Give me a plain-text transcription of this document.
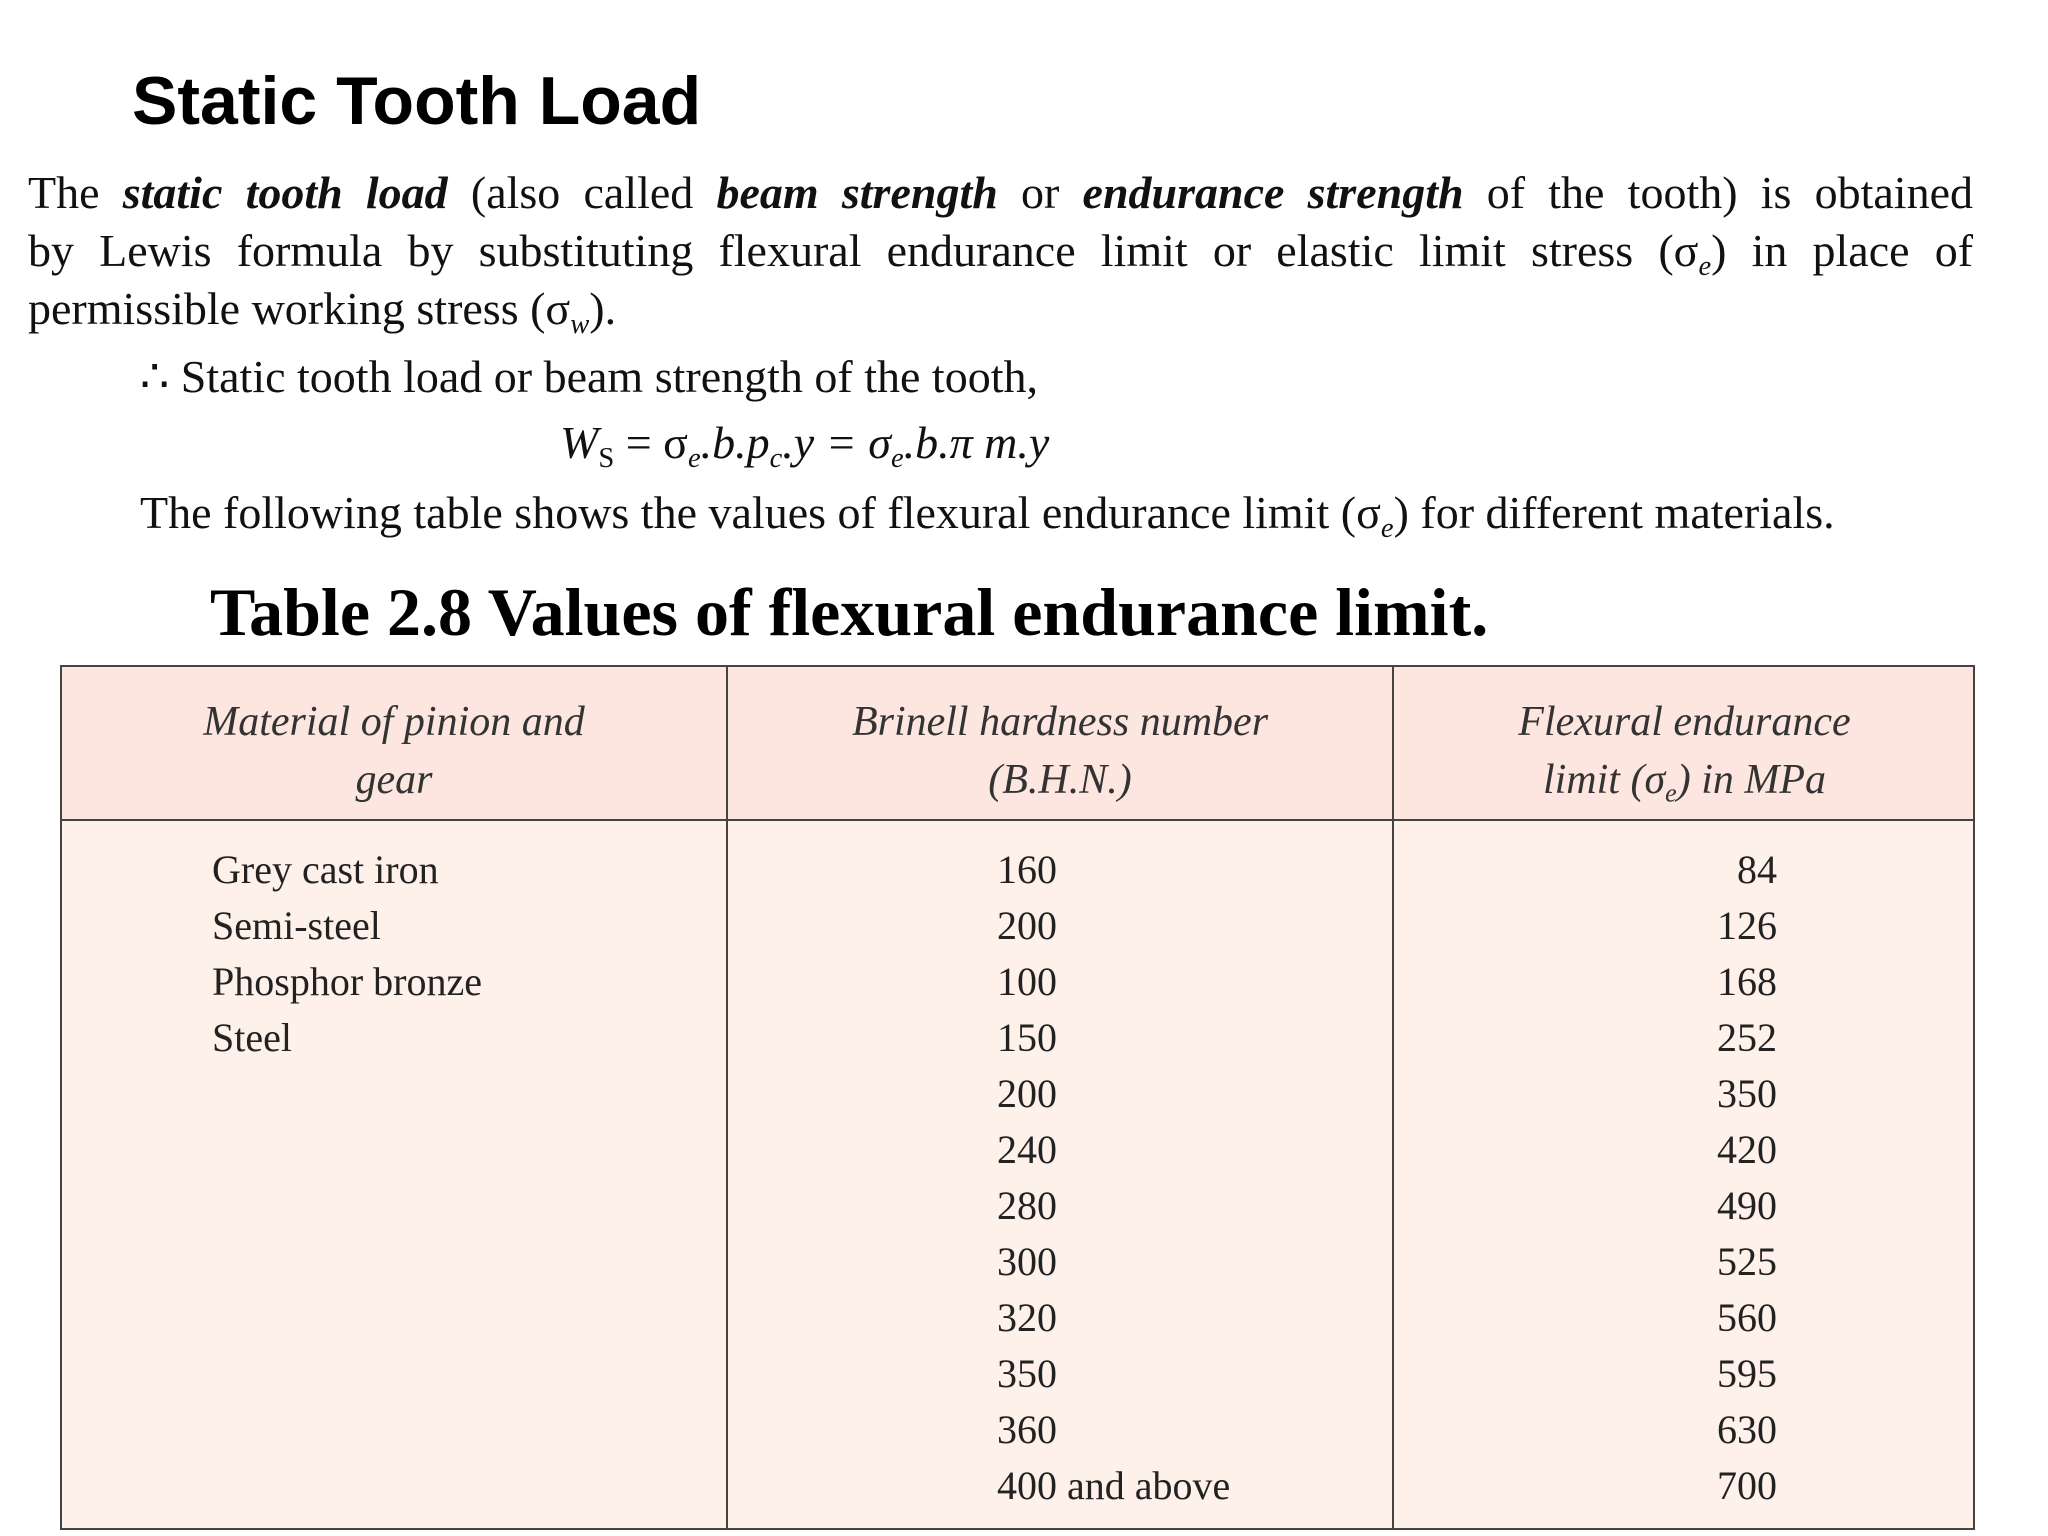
Static Tooth Load
The static tooth load (also called beam strength or endurance strength of the tooth) is obtained
by Lewis formula by substituting flexural endurance limit or elastic limit stress $(\sigma_e)$ in place of
permissible working stress $(\sigma_w)$.
∴ Static tooth load or beam strength of the tooth,
$W_S = \sigma_e.b.p_c.y = \sigma_e.b.\pi$ m.y
The following table shows the values of flexural endurance limit $(\sigma_e)$ for different materials.
Table 2.8 Values of flexural endurance limit.
Material of pinion and
gear
Brinell hardness number
(B.H.N.)
Flexural endurance
limit $(\sigma_e)$ in MPa
Grey cast iron
Semi-steel
Phosphor bronze
Steel
160
200
100
150
200
240
280
300
320
350
360
400 and above
84
126
168
252
350
420
490
525
560
595
630
700
